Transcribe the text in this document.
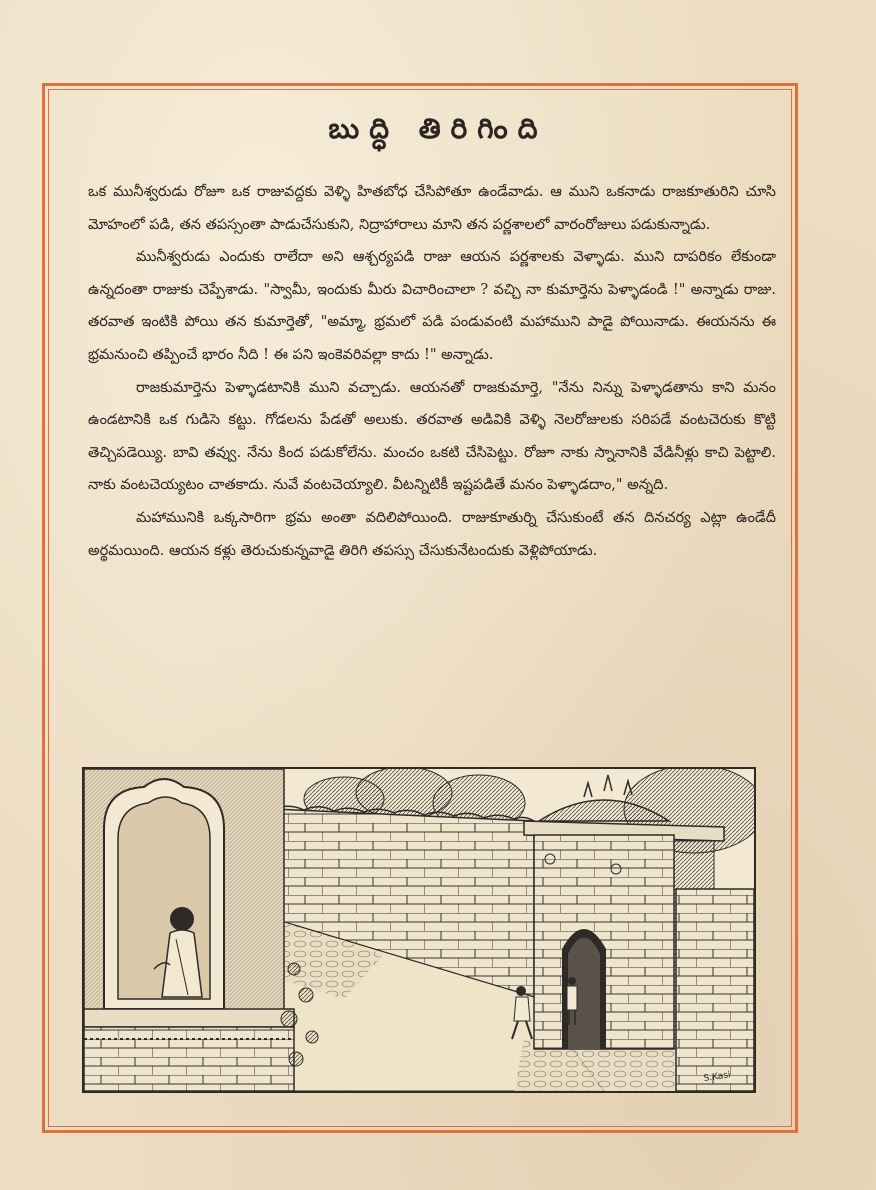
బుద్ధి తిరిగింది

ఒక మునీశ్వరుడు రోజూ ఒక రాజువద్దకు వెళ్ళి హితబోధ చేసిపోతూ ఉండేవాడు. ఆ ముని ఒకనాడు రాజకూతురిని చూసి మోహంలో పడి, తన తపస్సంతా పాడుచేసుకుని, నిద్రాహారాలు మాని తన పర్ణశాలలో వారంరోజులు పడుకున్నాడు.

మునీశ్వరుడు ఎందుకు రాలేదా అని ఆశ్చర్యపడి రాజు ఆయన పర్ణశాలకు వెళ్ళాడు. ముని దాపరికం లేకుండా ఉన్నదంతా రాజుకు చెప్పేశాడు. "స్వామీ, ఇందుకు మీరు విచారించాలా ? వచ్చి నా కుమార్తెను పెళ్ళాడండి !" అన్నాడు రాజు. తరవాత ఇంటికి పోయి తన కుమార్తెతో, "అమ్మా, భ్రమలో పడి పండువంటి మహాముని పాడై పోయినాడు. ఈయనను ఈ భ్రమనుంచి తప్పించే భారం నీది ! ఈ పని ఇంకెవరివల్లా కాదు !" అన్నాడు.

రాజకుమార్తెను పెళ్ళాడటానికి ముని వచ్చాడు. ఆయనతో రాజకుమార్తె, "నేను నిన్ను పెళ్ళాడతాను కాని మనం ఉండటానికి ఒక గుడిసె కట్టు. గోడలను పేడతో అలుకు. తరవాత అడివికి వెళ్ళి నెలరోజులకు సరిపడే వంటచెరుకు కొట్టి తెచ్చిపడెయ్యి. బావి తవ్వు. నేను కింద పడుకోలేను. మంచం ఒకటి చేసిపెట్టు. రోజూ నాకు స్నానానికి వేడినీళ్లు కాచి పెట్టాలి. నాకు వంటచెయ్యటం చాతకాదు. నువే వంటచెయ్యాలి. వీటన్నిటికీ ఇష్టపడితే మనం పెళ్ళాడదాం," అన్నది.

మహామునికి ఒక్కసారిగా భ్రమ అంతా వదిలిపోయింది. రాజుకూతుర్ని చేసుకుంటే తన దినచర్య ఎట్లా ఉండేదీ అర్థమయింది. ఆయన కళ్లు తెరుచుకున్నవాడై తిరిగి తపస్సు చేసుకునేటందుకు వెళ్లిపోయాడు.

S.Kasi
